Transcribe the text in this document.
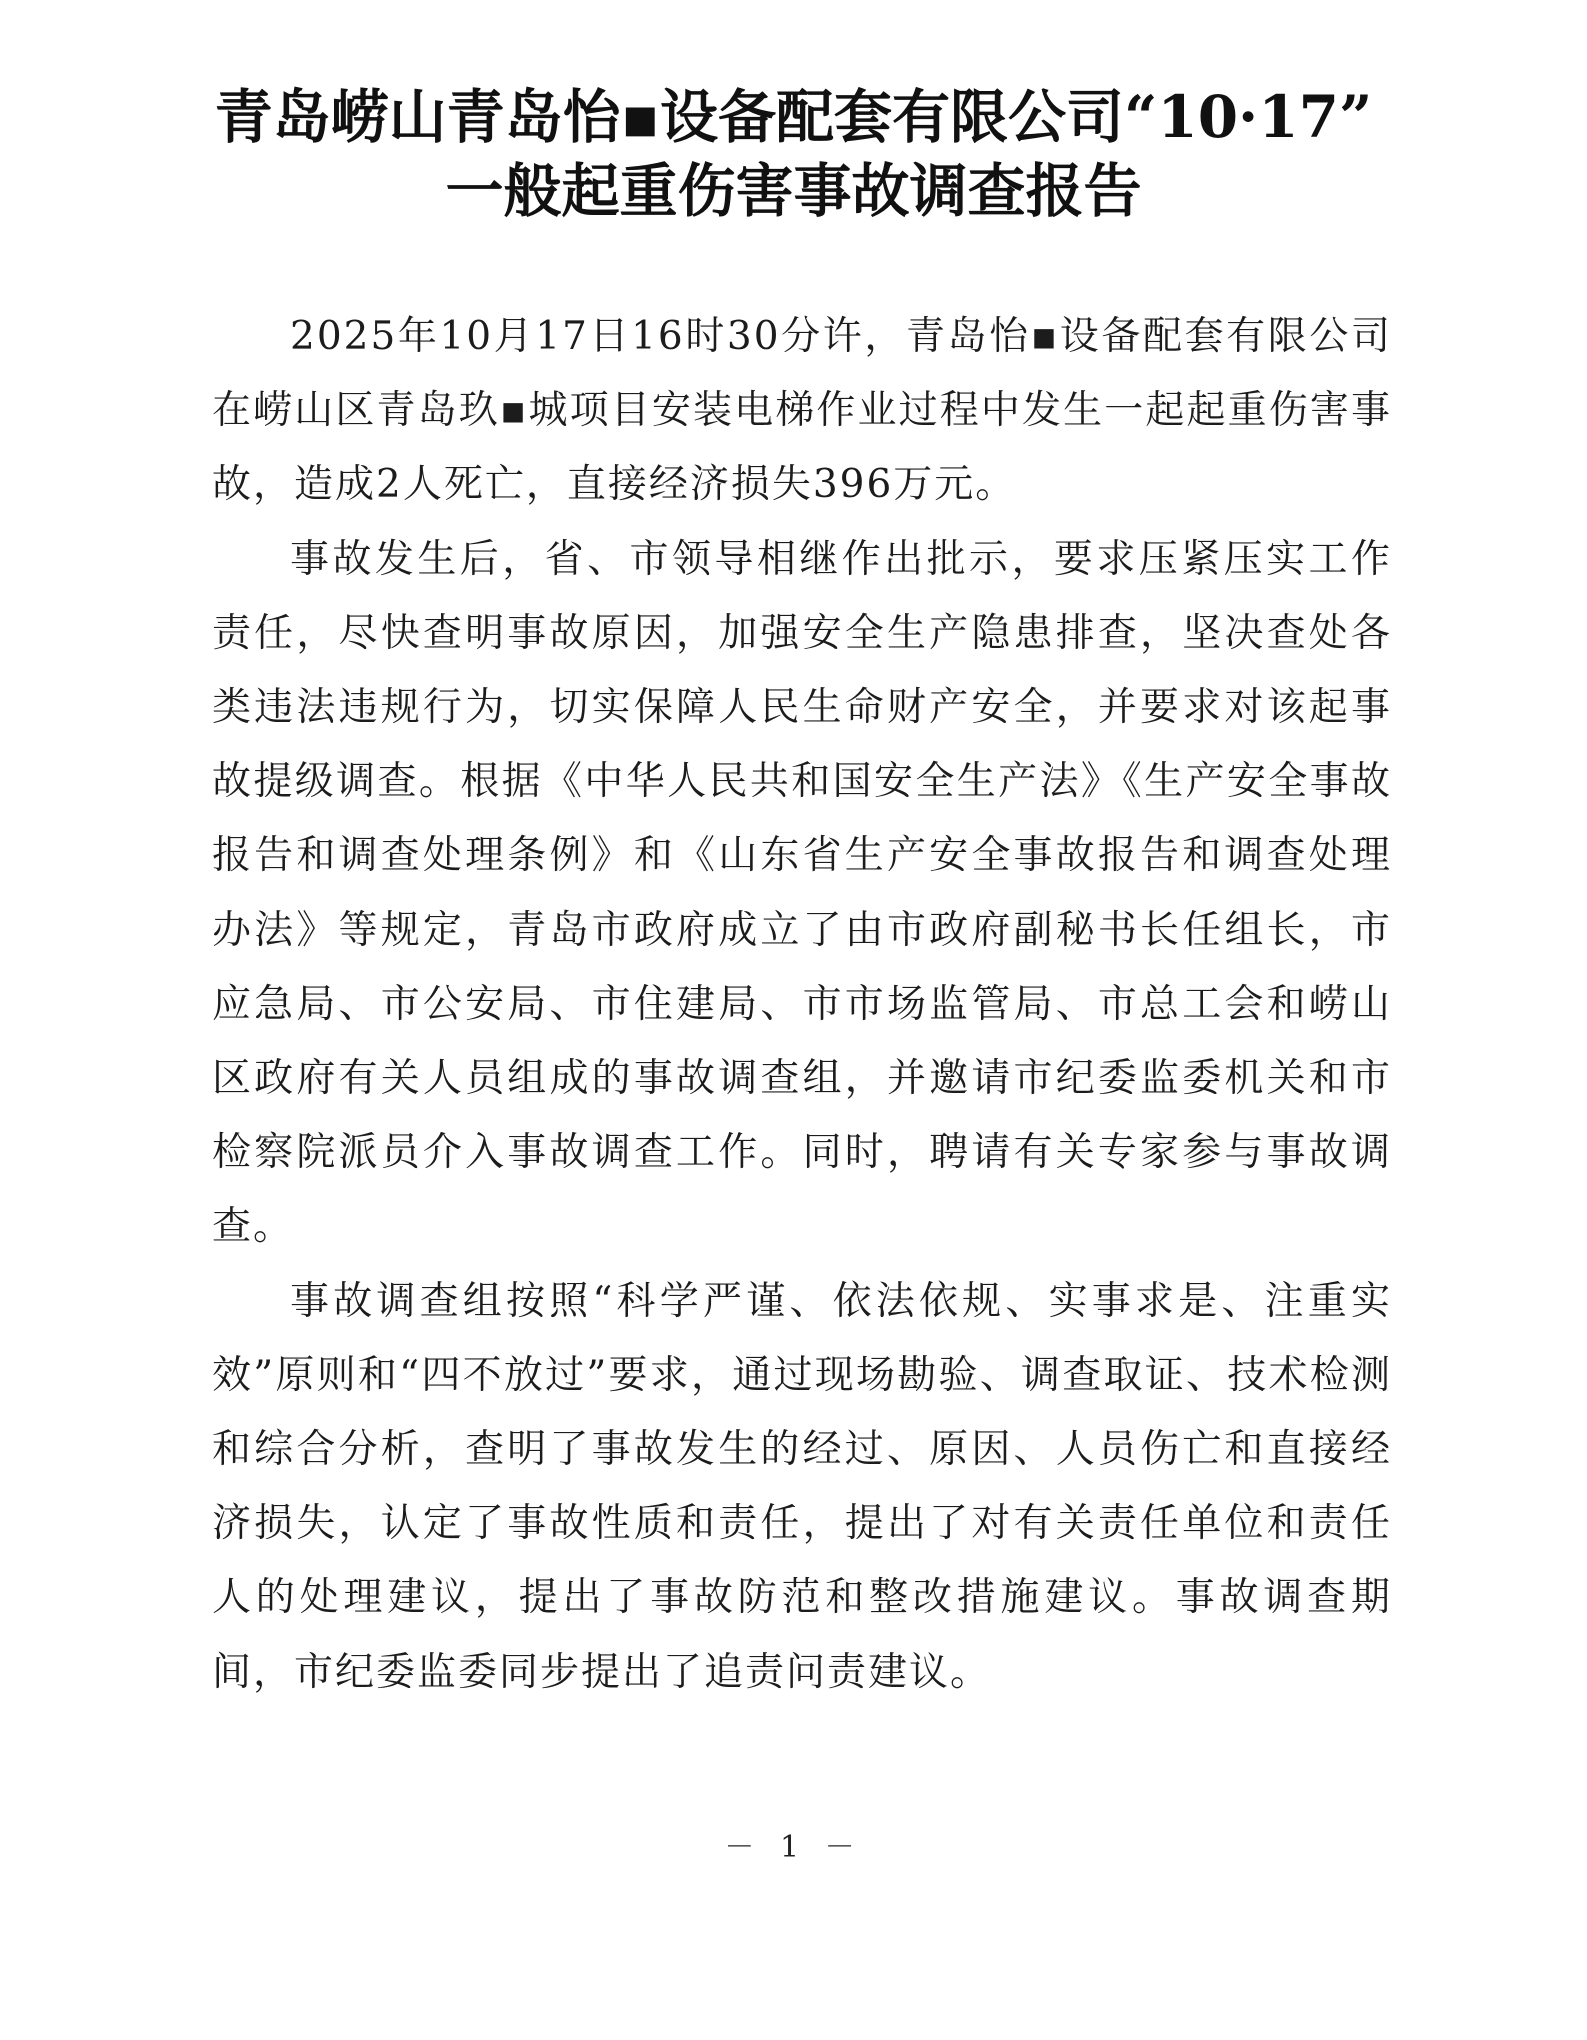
青岛崂山青岛怡▪设备配套有限公司“10·17”
一般起重伤害事故调查报告

2025年10月17日16时30分许，青岛怡▪设备配套有限公司在崂山区青岛玖▪城项目安装电梯作业过程中发生一起起重伤害事故，造成2人死亡，直接经济损失396万元。

事故发生后，省、市领导相继作出批示，要求压紧压实工作责任，尽快查明事故原因，加强安全生产隐患排查，坚决查处各类违法违规行为，切实保障人民生命财产安全，并要求对该起事故提级调查。根据《中华人民共和国安全生产法》《生产安全事故报告和调查处理条例》和《山东省生产安全事故报告和调查处理办法》等规定，青岛市政府成立了由市政府副秘书长任组长，市应急局、市公安局、市住建局、市市场监管局、市总工会和崂山区政府有关人员组成的事故调查组，并邀请市纪委监委机关和市检察院派员介入事故调查工作。同时，聘请有关专家参与事故调查。

事故调查组按照“科学严谨、依法依规、实事求是、注重实效”原则和“四不放过”要求，通过现场勘验、调查取证、技术检测和综合分析，查明了事故发生的经过、原因、人员伤亡和直接经济损失，认定了事故性质和责任，提出了对有关责任单位和责任人的处理建议，提出了事故防范和整改措施建议。事故调查期间，市纪委监委同步提出了追责问责建议。

－ 1 －
